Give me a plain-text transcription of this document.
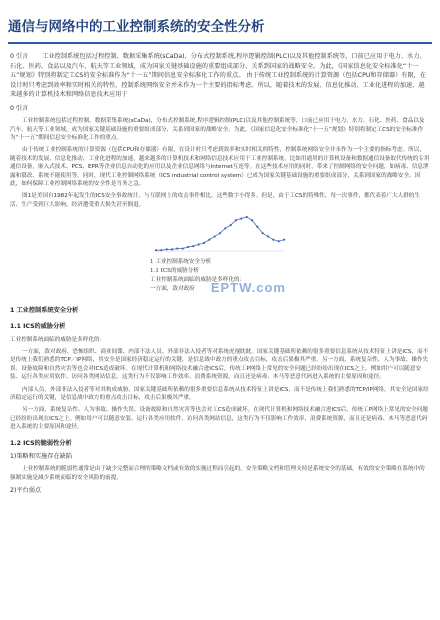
通信与网络中的工业控制系统的安全性分析
0 引言 工业控制系统包括过程控制、数据采集系统(sCaDa)，分布式控制系统,程序逻辑控制(PLC)以及其他控制系统等，口前已应用于电力、水力、石化、医药、食品以及汽车、航天等工业领域，成为国家关键基础设施的重要组成部分，关系到国家的战略安全。为此，《国家信息化安全标准化“十一五”规划》特别将制定工CS的安全标准作为“十一五”期间信息安全标准化工作的重点。 由于传统工业控制系统的计算资源（包括CPU和存储器）有限，在设计时只考虑到效率和实时相关的特性，控制系统网络安全并未作为一个主要的指标考虑。所以，随着技术的发展、信息化推动、工业化进程的加速，越来越多的计算机技术和网络信息技术应用于
0 引言
工业控制系统包括过程控制、数据采集系统(sCaDa)，分布式控制系统,程序逻辑控制(PLC)以及其他控制系统等，口前已应用于电力、水力、石化、医药、食品以及汽车、航天等工业领域，成为国家关键基础设施的重要组成部分，关系到国家的战略安全。为此，《国家信息化安全标准化“十一五”规划》特别将制定工CS的安全标准作为“十一五”期间信息安全标准化工作的重点。
由于传统工业控制系统的计算资源（包括CPU和存储器）有限，在设计时只考虑到效率和实时相关的特性，控制系统网络安全并未作为一个主要的指标考虑。所以，随着技术的发展、信息化推动、工业化进程的加速，越来越多的计算机技术和网络信息技术应用于工业控制系统，比如用通用的计算机设备和数据通信设备取代传统的专用通信设备，嵌入式技术、PCS、EPR等企业信息自动化的应用以及企业信息网络与Internet互连等。在这些技术应用的同时，带来了控制网络的安全问题，如病毒、信息泄露和篡改、系统不能使用等。同时，现代工业控制网络系统（ICS industrial control system）已成为国家关键基础设施的重要组成部分，关系到国家的战略安全。因此，如何保障工业控制网络系统的安全性是当务之急。
图1是美国自1982年起发生的ICS安全事故统计。与互联网上的攻击事件相比，这些数字小得多。但是，由于工CS的特殊性，每一次事件，都代表着广大人群的生活、生产受到巨大影响，经济遭受重大损失甚至倒退。
1 工业控制系统安全分析
1.1 ICS的威胁分析
工业控制系统面临的威胁是多样化的：
一方面，敌对政府 EPTW.com
1 工业控制系统安全分析
1.1 ICS的威胁分析
工业控制系统面临的威胁是多样化的：
一方面，敌对政府、恐怖组织、商业间谍、内部不法人员、外部非法入侵者等对系统虎视眈眈。国家关键基础所依赖的很多重要信息系统从技术特征上讲是ICS，而不是传统上我们熟悉的TCP／IP网络，其安全是国家经济稳定运行的关键，是信息战中政方的重点攻击目标，攻击后果极其严重。另一方面，系统复杂性、人为事故、操作失误、设备故障和自然灾害等也会对ICS造成破坏。在现代计算机和网络技术融合进ICS后，传统工P网络上常见的安全问题已经纷纷出现在ICS之上。例如用户可以随意安装、运行各类应用软件、访问各类网站信息，这类行为不仅影响工作效率、浪费系统资源，而且还是病毒、木马等恶意代码进入系统的主要原因和途径。
内部人员，外部非法入侵者等对其构成威胁。国家关键基础所依赖的很多重要信息系统从技术特征上讲是ICS，而不是传统上我们熟悉的TCP/IP网络，其安全是国家经济稳定运行的关键，是信息战中政方的重点攻击目标，攻击后果极其严重。
另一方面，系统复杂性、人为事故、操作失误、设备故障和自然灾害等也会对工CS造成破坏。在现代计算机和网络技术融合进ICS后，传统工P网络上常见的安全问题已经纷纷出现在ICS之上。例如用户可以随意安装、运行各类应用软件、访问各类网站信息，这类行为不仅影响工作效率、浪费系统资源，而且还是病毒、木马等恶意代码进入系统的主要原因和途径。
1.2 ICS的脆弱性分析
1)策略和实施存在缺陷
上业控制系统的脆弱性通常是由于缺少完整而合理的策略文档或有效的实施过程而引起的，安全策略文档和管理支持是系统安全的基础，有效的安全策略在系统中的强制实施是减少系统而临的安全风险的前提。
2)平台弱点
